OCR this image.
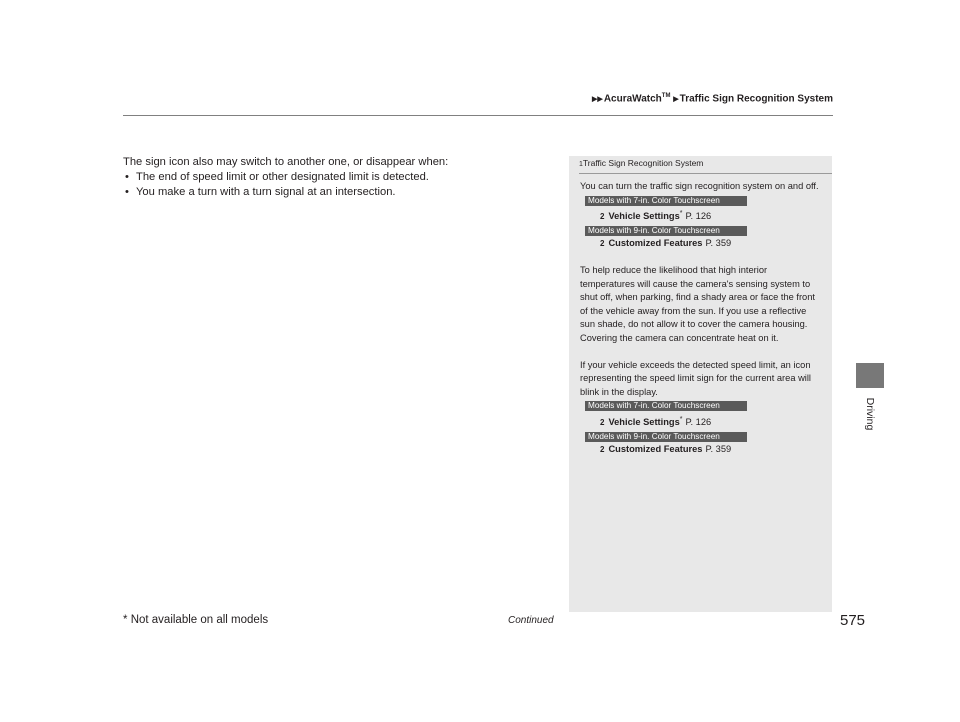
▶▶AcuraWatch™ ▶Traffic Sign Recognition System

The sign icon also may switch to another one, or disappear when:

• The end of speed limit or other designated limit is detected.
• You make a turn with a turn signal at an intersection.
1Traffic Sign Recognition System

You can turn the traffic sign recognition system on and off.

Models with 7-in. Color Touchscreen
2 Vehicle Settings* P. 126
Models with 9-in. Color Touchscreen
2 Customized Features P. 359

To help reduce the likelihood that high interior temperatures will cause the camera's sensing system to shut off, when parking, find a shady area or face the front of the vehicle away from the sun. If you use a reflective sun shade, do not allow it to cover the camera housing.

Covering the camera can concentrate heat on it.

If your vehicle exceeds the detected speed limit, an icon representing the speed limit sign for the current area will blink in the display.

Models with 7-in. Color Touchscreen
2 Vehicle Settings* P. 126
Models with 9-in. Color Touchscreen
2 Customized Features P. 359
Driving
* Not available on all models	Continued	575
